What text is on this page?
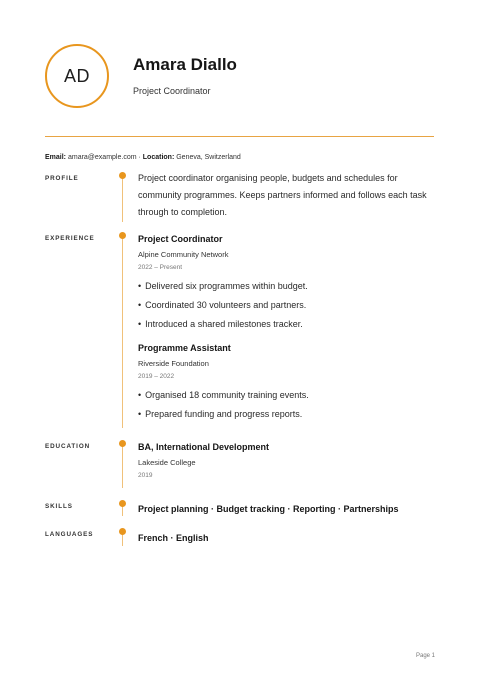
AD
Amara Diallo
Project Coordinator
Email: amara@example.com · Location: Geneva, Switzerland
PROFILE	Project coordinator organising people, budgets and schedules for community programmes. Keeps partners informed and follows each task through to completion.
EXPERIENCE	Project Coordinator
Alpine Community Network
2022 – Present
• Delivered six programmes within budget.
• Coordinated 30 volunteers and partners.
• Introduced a shared milestones tracker.
Programme Assistant
Riverside Foundation
2019 – 2022
• Organised 18 community training events.
• Prepared funding and progress reports.
EDUCATION	BA, International Development
Lakeside College
2019
SKILLS	Project planning · Budget tracking · Reporting · Partnerships
LANGUAGES	French · English
Page 1
